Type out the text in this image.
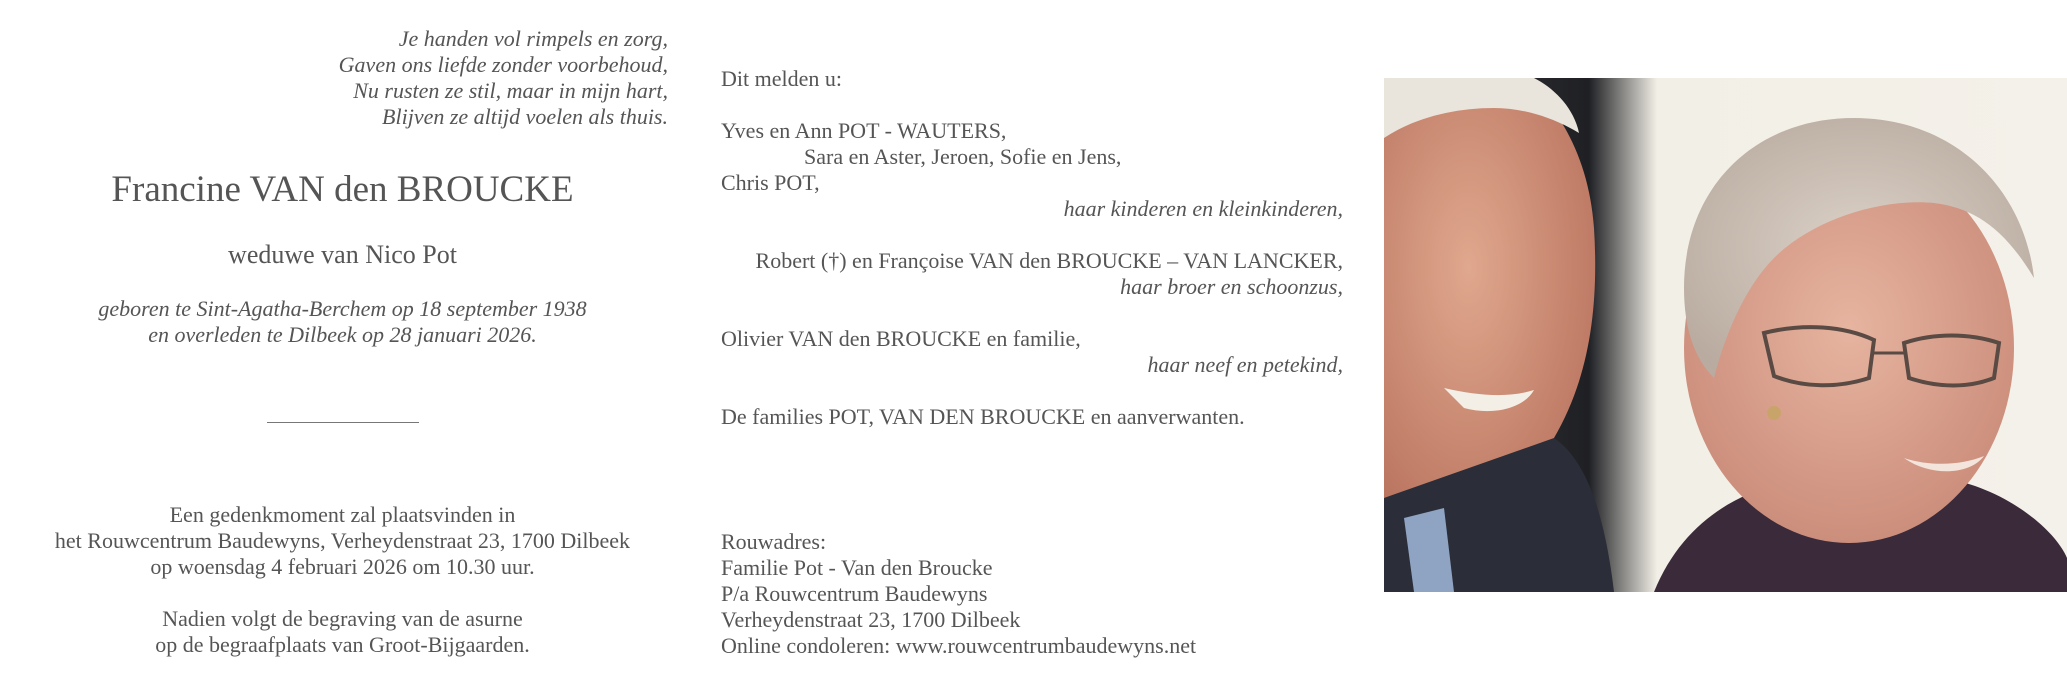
Je handen vol rimpels en zorg,
Gaven ons liefde zonder voorbehoud,
Nu rusten ze stil, maar in mijn hart,
Blijven ze altijd voelen als thuis.
Francine VAN den BROUCKE
weduwe van Nico Pot
geboren te Sint-Agatha-Berchem op 18 september 1938
en overleden te Dilbeek op 28 januari 2026.
Een gedenkmoment zal plaatsvinden in
het Rouwcentrum Baudewyns, Verheydenstraat 23, 1700 Dilbeek
op woensdag 4 februari 2026 om 10.30 uur.
Nadien volgt de begraving van de asurne
op de begraafplaats van Groot-Bijgaarden.
Dit melden u:
Yves en Ann POT - WAUTERS,
Sara en Aster, Jeroen, Sofie en Jens,
Chris POT,
haar kinderen en kleinkinderen,
Robert (†) en Françoise VAN den BROUCKE – VAN LANCKER,
haar broer en schoonzus,
Olivier VAN den BROUCKE en familie,
haar neef en petekind,
De families POT, VAN DEN BROUCKE en aanverwanten.
Rouwadres:
Familie Pot - Van den Broucke
P/a Rouwcentrum Baudewyns
Verheydenstraat 23, 1700 Dilbeek
Online condoleren: www.rouwcentrumbaudewyns.net
